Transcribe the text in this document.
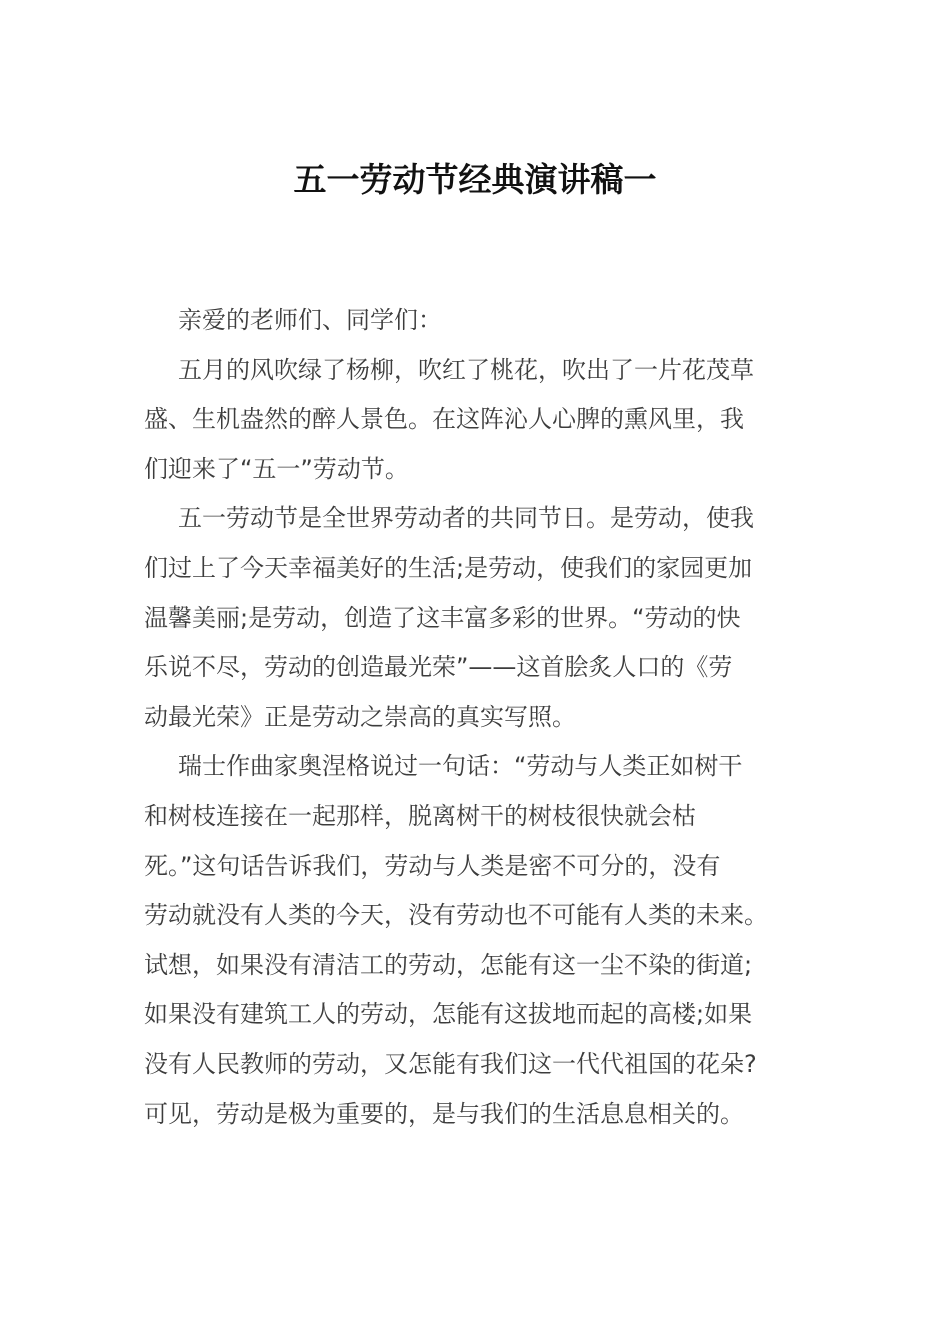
五一劳动节经典演讲稿一
亲爱的老师们、同学们：
五月的风吹绿了杨柳，吹红了桃花，吹出了一片花茂草
盛、生机盎然的醉人景色。在这阵沁人心脾的熏风里，我
们迎来了“五一”劳动节。
五一劳动节是全世界劳动者的共同节日。是劳动，使我
们过上了今天幸福美好的生活;是劳动，使我们的家园更加
温馨美丽;是劳动，创造了这丰富多彩的世界。“劳动的快
乐说不尽，劳动的创造最光荣”——这首脍炙人口的《劳
动最光荣》正是劳动之崇高的真实写照。
瑞士作曲家奥涅格说过一句话：“劳动与人类正如树干
和树枝连接在一起那样，脱离树干的树枝很快就会枯
死。”这句话告诉我们，劳动与人类是密不可分的，没有
劳动就没有人类的今天，没有劳动也不可能有人类的未来。
试想，如果没有清洁工的劳动，怎能有这一尘不染的街道;
如果没有建筑工人的劳动，怎能有这拔地而起的高楼;如果
没有人民教师的劳动，又怎能有我们这一代代祖国的花朵?
可见，劳动是极为重要的，是与我们的生活息息相关的。
